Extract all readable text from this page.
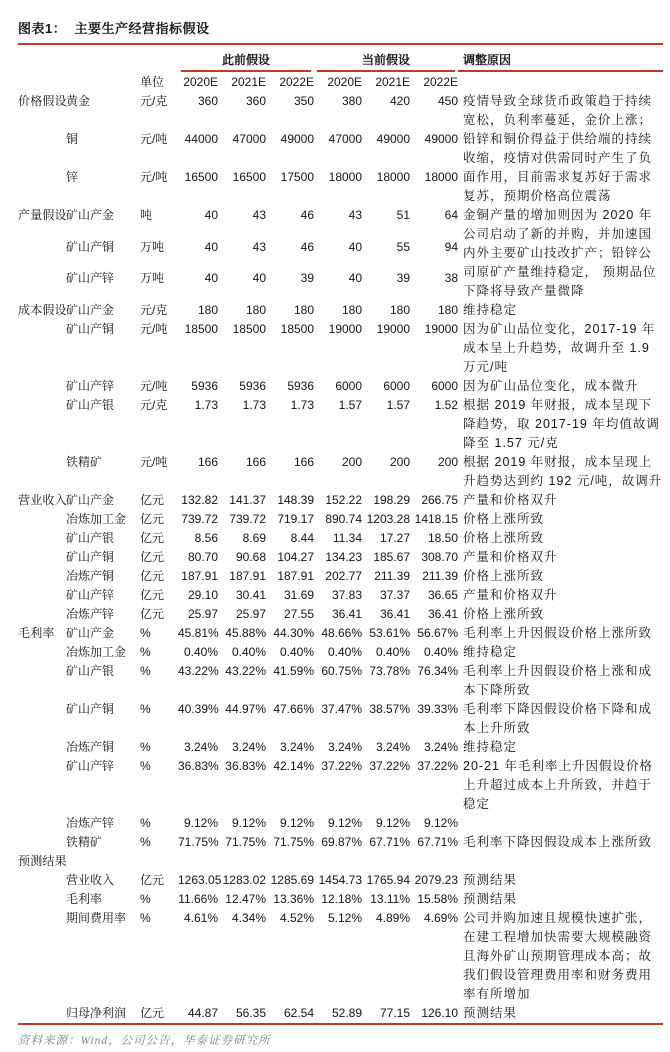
图表1：  主要生产经营指标假设

			此前假设			当前假设			调整原因

		单位	2020E	2021E	2022E	2020E	2021E	2022E	
价格假设	黄金	元/克	360	360	350	380	420	450	疫情导致全球货币政策趋于持续宽松，负利率蔓延，金价上涨；铅锌和铜价得益于供给端的持续收缩，疫情对供需同时产生了负面作用，目前需求复苏好于需求复苏，预期价格高位震荡
	铜	元/吨	44000	47000	49000	47000	49000	49000	
	锌	元/吨	16500	16500	17500	18000	18000	18000	
产量假设	矿山产金	吨	40	43	46	43	51	64	金铜产量的增加则因为 2020 年公司启动了新的并购，并加速国内外主要矿山技改扩产；铅锌公司原矿产量维持稳定， 预期品位下降将导致产量微降
	矿山产铜	万吨	40	43	46	40	55	94	
	矿山产锌	万吨	40	40	39	40	39	38	
成本假设	矿山产金	元/克	180	180	180	180	180	180	维持稳定
	矿山产铜	元/吨	18500	18500	18500	19000	19000	19000	因为矿山品位变化，2017-19 年成本呈上升趋势，故调升至 1.9 万元/吨
	矿山产锌	元/吨	5936	5936	5936	6000	6000	6000	因为矿山品位变化，成本微升
	矿山产银	元/克	1.73	1.73	1.73	1.57	1.57	1.52	根据 2019 年财报，成本呈现下降趋势，取 2017-19 年均值故调降至 1.57 元/克
	铁精矿	元/吨	166	166	166	200	200	200	根据 2019 年财报，成本呈现上升趋势达到约 192 元/吨，故调升
营业收入	矿山产金	亿元	132.82	141.37	148.39	152.22	198.29	266.75	产量和价格双升
	冶炼加工金	亿元	739.72	739.72	719.17	890.74	1203.28	1418.15	价格上涨所致
	矿山产银	亿元	8.56	8.69	8.44	11.34	17.27	18.50	价格上涨所致
	矿山产铜	亿元	80.70	90.68	104.27	134.23	185.67	308.70	产量和价格双升
	冶炼产铜	亿元	187.91	187.91	187.91	202.77	211.39	211.39	价格上涨所致
	矿山产锌	亿元	29.10	30.41	31.69	37.83	37.37	36.65	产量和价格双升
	冶炼产锌	亿元	25.97	25.97	27.55	36.41	36.41	36.41	价格上涨所致
毛利率	矿山产金	%	45.81%	45.88%	44.30%	48.66%	53.61%	56.67%	毛利率上升因假设价格上涨所致
	冶炼加工金	%	0.40%	0.40%	0.40%	0.40%	0.40%	0.40%	维持稳定
	矿山产银	%	43.22%	43.22%	41.59%	60.75%	73.78%	76.34%	毛利率上升因假设价格上涨和成本下降所致
	矿山产铜	%	40.39%	44.97%	47.66%	37.47%	38.57%	39.33%	毛利率下降因假设价格下降和成本上升所致
	冶炼产铜	%	3.24%	3.24%	3.24%	3.24%	3.24%	3.24%	维持稳定
	矿山产锌	%	36.83%	36.83%	42.14%	37.22%	37.22%	37.22%	20-21 年毛利率上升因假设价格上升超过成本上升所致，并趋于稳定
	冶炼产锌	%	9.12%	9.12%	9.12%	9.12%	9.12%	9.12%	
	铁精矿	%	71.75%	71.75%	71.75%	69.87%	67.71%	67.71%	毛利率下降因假设成本上涨所致
预测结果									
	营业收入	亿元	1263.05	1283.02	1285.69	1454.73	1765.94	2079.23	预测结果
	毛利率	%	11.66%	12.47%	13.36%	12.18%	13.11%	15.58%	预测结果
	期间费用率	%	4.61%	4.34%	4.52%	5.12%	4.89%	4.69%	公司并购加速且规模快速扩张，在建工程增加快需要大规模融资且海外矿山预期管理成本高；故我们假设管理费用率和财务费用率有所增加
	归母净利润	亿元	44.87	56.35	62.54	52.89	77.15	126.10	预测结果
资料来源：Wind，公司公告，华泰证券研究所
